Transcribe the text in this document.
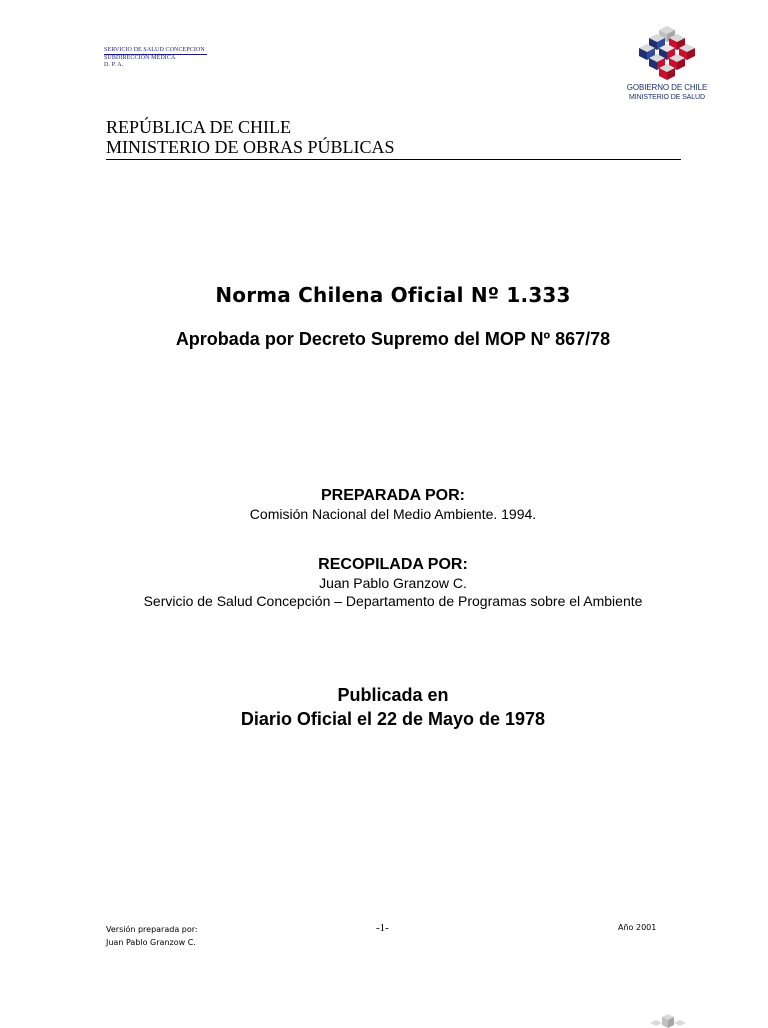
SERVICIO DE SALUD CONCEPCION
SUBDIRECCIÓN MÉDICA
D. P. A.
GOBIERNO DE CHILE
MINISTERIO DE SALUD
REPÚBLICA DE CHILE
MINISTERIO DE OBRAS PÚBLICAS
Norma Chilena Oficial Nº 1.333
Aprobada por Decreto Supremo del MOP Nº 867/78
PREPARADA POR:
Comisión Nacional del Medio Ambiente. 1994.
RECOPILADA POR:
Juan Pablo Granzow C.
Servicio de Salud Concepción – Departamento de Programas sobre el Ambiente
Publicada en
Diario Oficial el 22 de Mayo de 1978
Versión preparada por:
Juan Pablo Granzow C.
-1-	Año 2001
